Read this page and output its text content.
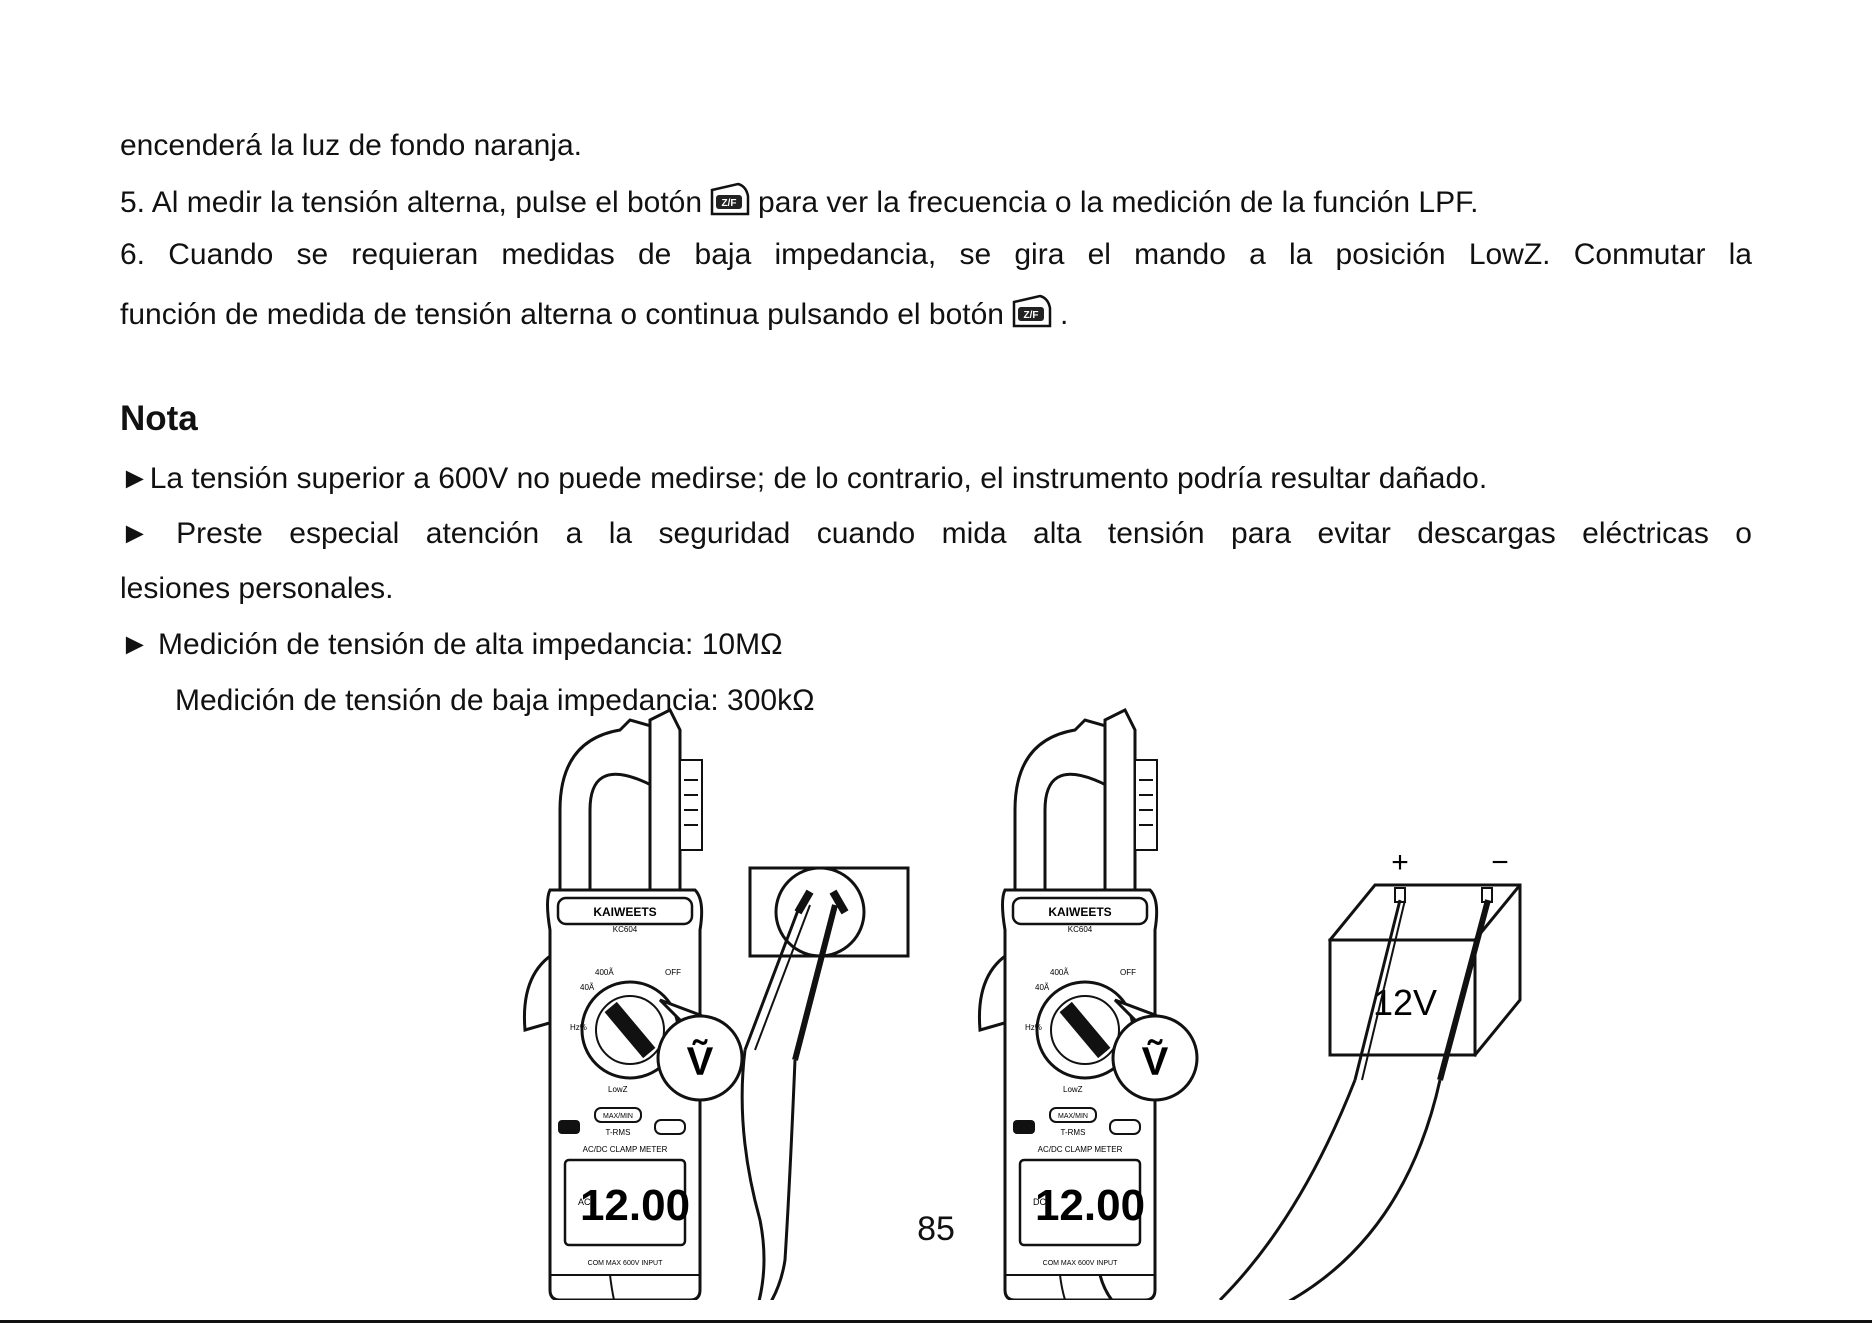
encenderá la luz de fondo naranja.
5. Al medir la tensión alterna, pulse el botón Z/F para ver la frecuencia o la medición de la función LPF.
6. Cuando se requieran medidas de baja impedancia, se gira el mando a la posición LowZ. Conmutar la
función de medida de tensión alterna o continua pulsando el botón Z/F .
Nota
►La tensión superior a 600V no puede medirse; de lo contrario, el instrumento podría resultar dañado.
► Preste especial atención a la seguridad cuando mida alta tensión para evitar descargas eléctricas o
lesiones personales.
► Medición de tensión de alta impedancia: 10MΩ
Medición de tensión de baja impedancia: 300kΩ
KAIWEETS
KC604
400Ã
40Ã
Hz%
LowZ
OFF
MAX/MIN
T-RMS
AC/DC CLAMP METER
12.00
COM MAX 600V INPUT
AC
Ṽ
DC
Ṽ
+	−
12V
85
